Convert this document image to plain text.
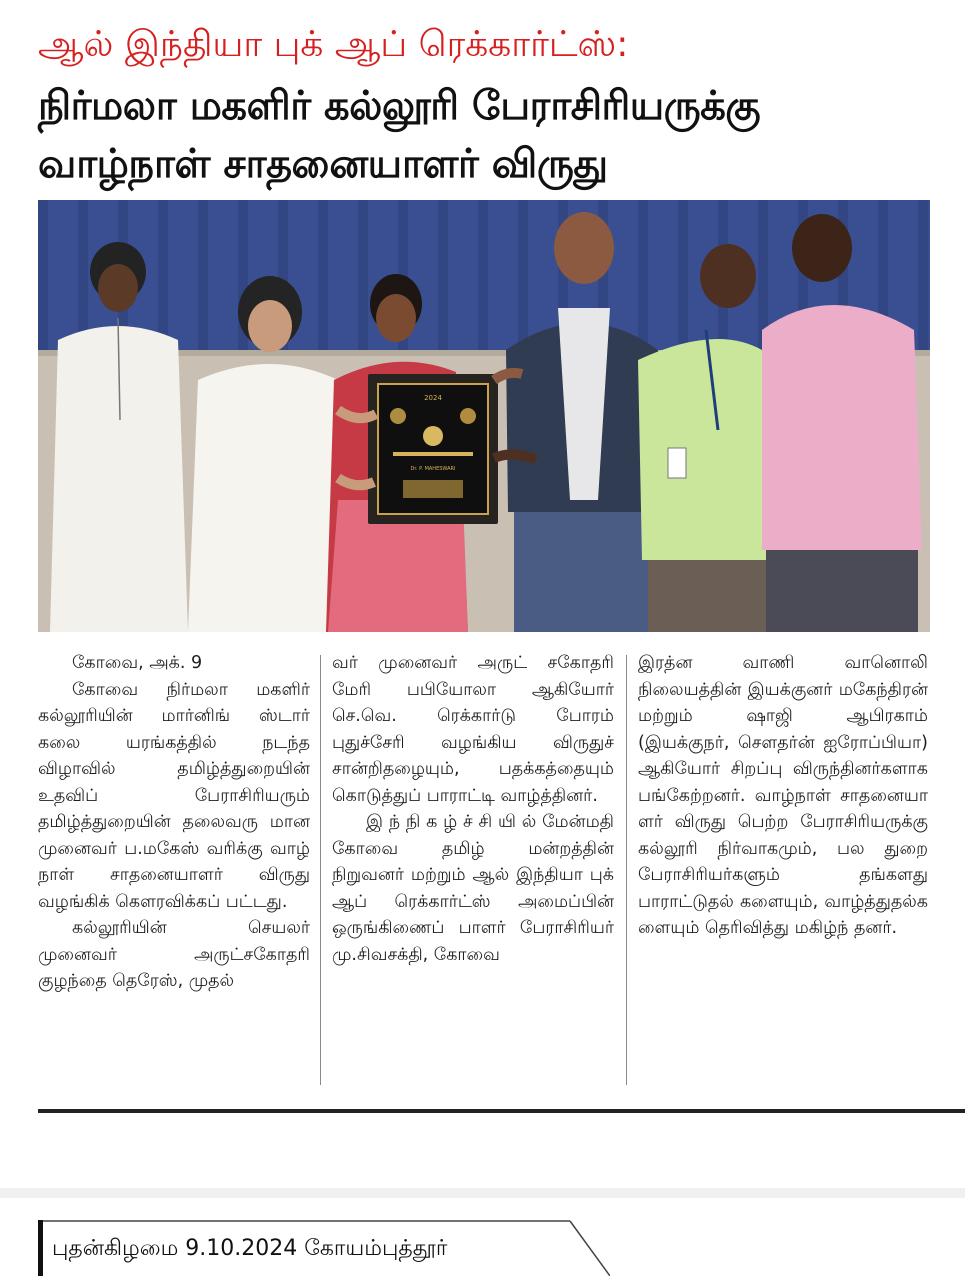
ஆல் இந்தியா புக் ஆப் ரெக்கார்ட்ஸ்:
நிர்மலா மகளிர் கல்லூரி பேராசிரியருக்கு
வாழ்நாள் சாதனையாளர் விருது
2024
Dr. P. MAHESWARI

கோவை, அக். 9

கோவை நிர்மலா மகளிர் கல்லூரியின் மார்னிங் ஸ்டார் கலை யரங்கத்தில் நடந்த விழாவில் தமிழ்த்துறையின் உதவிப் பேராசிரியரும் தமிழ்த்துறையின் தலைவரு மான முனைவர் ப.மகேஸ் வரிக்கு வாழ் நாள் சாதனையாளர் விருது வழங்கிக் கௌரவிக்கப் பட்டது.

கல்லூரியின் செயலர் முனைவர் அருட்சகோதரி குழந்தை தெரேஸ், முதல்

வர் முனைவர் அருட் சகோதரி மேரி பபியோலா ஆகியோர் செ.வெ. ரெக்கார்டு போரம் புதுச்சேரி வழங்கிய விருதுச் சான்றிதழையும், பதக்கத்தையும் கொடுத்துப் பாராட்டி வாழ்த்தினர்.

இ ந் நி க ழ் ச் சி யி ல் மேன்மதி கோவை தமிழ் மன்றத்தின் நிறுவனர் மற்றும் ஆல் இந்தியா புக் ஆப் ரெக்கார்ட்ஸ் அமைப்பின் ஒருங்கிணைப் பாளர் பேராசிரியர் மு.சிவசக்தி, கோவை

இரத்ன வாணி வானொலி நிலையத்தின் இயக்குனர் மகேந்திரன் மற்றும் ஷாஜி ஆபிரகாம் (இயக்குநர், சௌதர்ன் ஐரோப்பியா) ஆகியோர் சிறப்பு விருந்தினர்களாக பங்கேற்றனர். வாழ்நாள் சாதனையா ளர் விருது பெற்ற பேராசிரியருக்கு கல்லூரி நிர்வாகமும், பல துறை பேராசிரியர்களும் தங்களது பாராட்டுதல் களையும், வாழ்த்துதல்க ளையும் தெரிவித்து மகிழ்ந் தனர்.

புதன்கிழமை 9.10.2024 கோயம்புத்தூர்
